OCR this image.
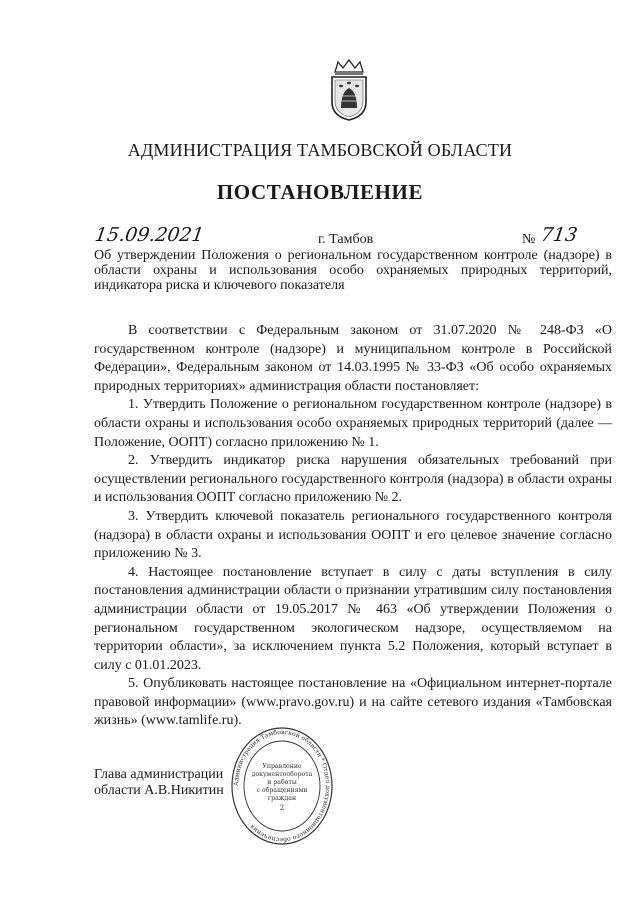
АДМИНИСТРАЦИЯ ТАМБОВСКОЙ ОБЛАСТИ
ПОСТАНОВЛЕНИЕ
15.09.2021	г. Тамбов	№ 713
Об утверждении Положения о региональном государственном контроле (надзоре) в области охраны и использования особо охраняемых природных территорий, индикатора риска и ключевого показателя

В соответствии с Федеральным законом от 31.07.2020 № 248-ФЗ «О государственном контроле (надзоре) и муниципальном контроле в Российской Федерации», Федеральным законом от 14.03.1995 № 33-ФЗ «Об особо охраняемых природных территориях» администрация области постановляет:

1. Утвердить Положение о региональном государственном контроле (надзоре) в области охраны и использования особо охраняемых природных территорий (далее — Положение, ООПТ) согласно приложению № 1.

2. Утвердить индикатор риска нарушения обязательных требований при осуществлении регионального государственного контроля (надзора) в области охраны и использования ООПТ согласно приложению № 2.

3. Утвердить ключевой показатель регионального государственного контроля (надзора) в области охраны и использования ООПТ и его целевое значение согласно приложению № 3.

4. Настоящее постановление вступает в силу с даты вступления в силу постановления администрации области о признании утратившим силу постановления администрации области от 19.05.2017 № 463 «Об утверждении Положения о региональном государственном экологическом надзоре, осуществляемом на территории области», за исключением пункта 5.2 Положения, который вступает в силу с 01.01.2023.

5. Опубликовать настоящее постановление на «Официальном интернет-портале правовой информации» (www.pravo.gov.ru) и на сайте сетевого издания «Тамбовская жизнь» (www.tamlife.ru).

Глава администрации
области А.В.Никитин Администрация Тамбовской области * Отдел документационного обеспечения
Управление
документооборота
и работы
с обращениями
граждан
2
